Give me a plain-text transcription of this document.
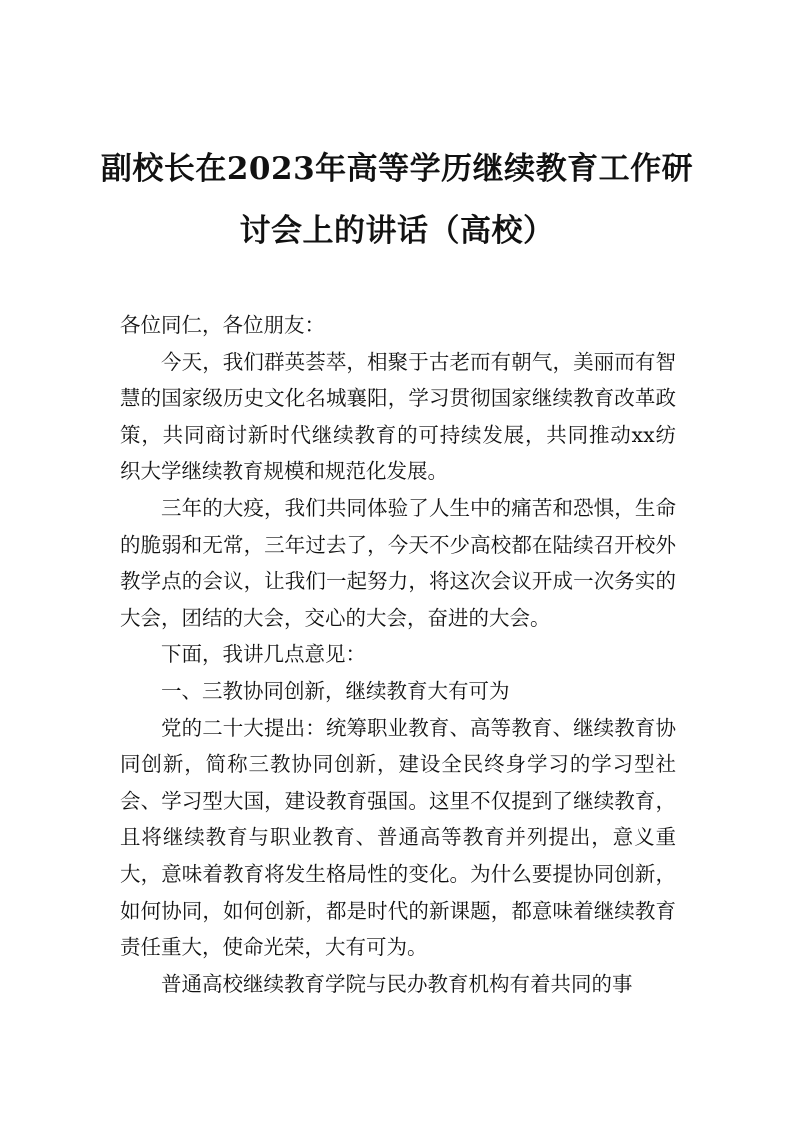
副校长在2023年高等学历继续教育工作研
讨会上的讲话（高校）

各位同仁，各位朋友：

今天，我们群英荟萃，相聚于古老而有朝气，美丽而有智慧的国家级历史文化名城襄阳，学习贯彻国家继续教育改革政策，共同商讨新时代继续教育的可持续发展，共同推动xx纺织大学继续教育规模和规范化发展。

三年的大疫，我们共同体验了人生中的痛苦和恐惧，生命的脆弱和无常，三年过去了，今天不少高校都在陆续召开校外教学点的会议，让我们一起努力，将这次会议开成一次务实的大会，团结的大会，交心的大会，奋进的大会。

下面，我讲几点意见：

一、三教协同创新，继续教育大有可为

党的二十大提出：统筹职业教育、高等教育、继续教育协同创新，简称三教协同创新，建设全民终身学习的学习型社会、学习型大国，建设教育强国。这里不仅提到了继续教育，且将继续教育与职业教育、普通高等教育并列提出，意义重大，意味着教育将发生格局性的变化。为什么要提协同创新，如何协同，如何创新，都是时代的新课题，都意味着继续教育责任重大，使命光荣，大有可为。

普通高校继续教育学院与民办教育机构有着共同的事
